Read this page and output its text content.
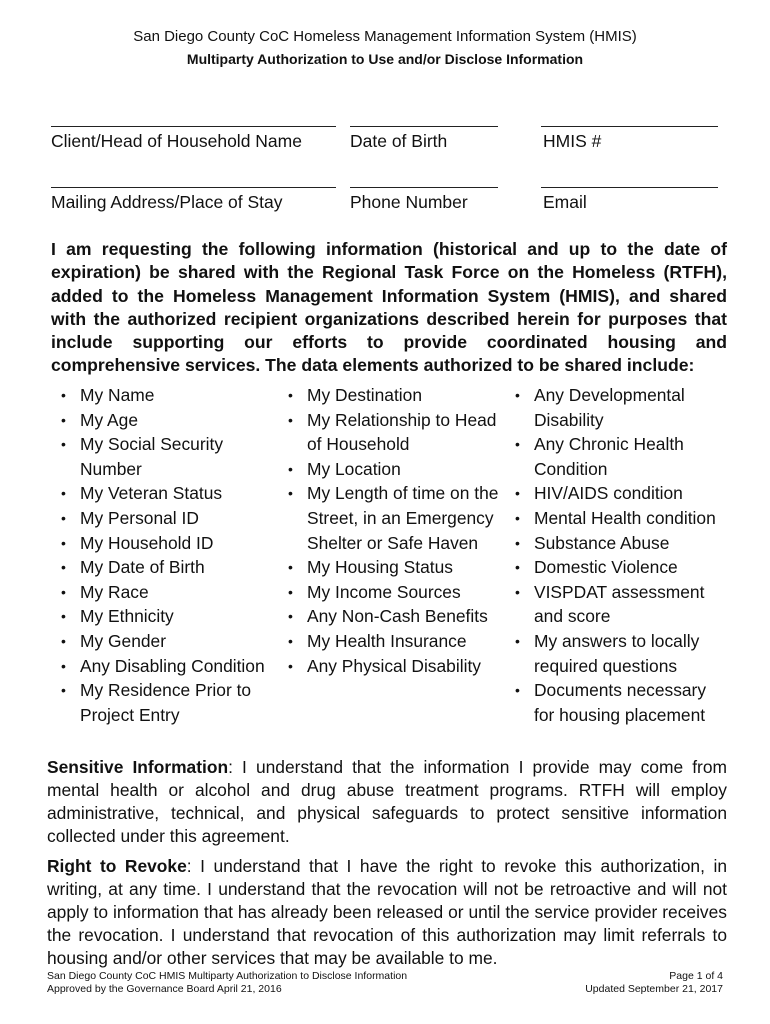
San Diego County CoC Homeless Management Information System (HMIS)
Multiparty Authorization to Use and/or Disclose Information
Client/Head of Household Name	Date of Birth	HMIS #
Mailing Address/Place of Stay	Phone Number	Email
I am requesting the following information (historical and up to the date of expiration) be shared with the Regional Task Force on the Homeless (RTFH), added to the Homeless Management Information System (HMIS), and shared with the authorized recipient organizations described herein for purposes that include supporting our efforts to provide coordinated housing and comprehensive services. The data elements authorized to be shared include:
• My Name
• My Age
• My Social Security Number
• My Veteran Status
• My Personal ID
• My Household ID
• My Date of Birth
• My Race
• My Ethnicity
• My Gender
• Any Disabling Condition
• My Residence Prior to Project Entry
• My Destination
• My Relationship to Head of Household
• My Location
• My Length of time on the Street, in an Emergency Shelter or Safe Haven
• My Housing Status
• My Income Sources
• Any Non-Cash Benefits
• My Health Insurance
• Any Physical Disability
• Any Developmental Disability
• Any Chronic Health Condition
• HIV/AIDS condition
• Mental Health condition
• Substance Abuse
• Domestic Violence
• VISPDAT assessment and score
• My answers to locally required questions
• Documents necessary for housing placement
Sensitive Information: I understand that the information I provide may come from mental health or alcohol and drug abuse treatment programs. RTFH will employ administrative, technical, and physical safeguards to protect sensitive information collected under this agreement.
Right to Revoke: I understand that I have the right to revoke this authorization, in writing, at any time. I understand that the revocation will not be retroactive and will not apply to information that has already been released or until the service provider receives the revocation. I understand that revocation of this authorization may limit referrals to housing and/or other services that may be available to me.
San Diego County CoC HMIS Multiparty Authorization to Disclose Information
Approved by the Governance Board April 21, 2016
Page 1 of 4
Updated September 21, 2017
